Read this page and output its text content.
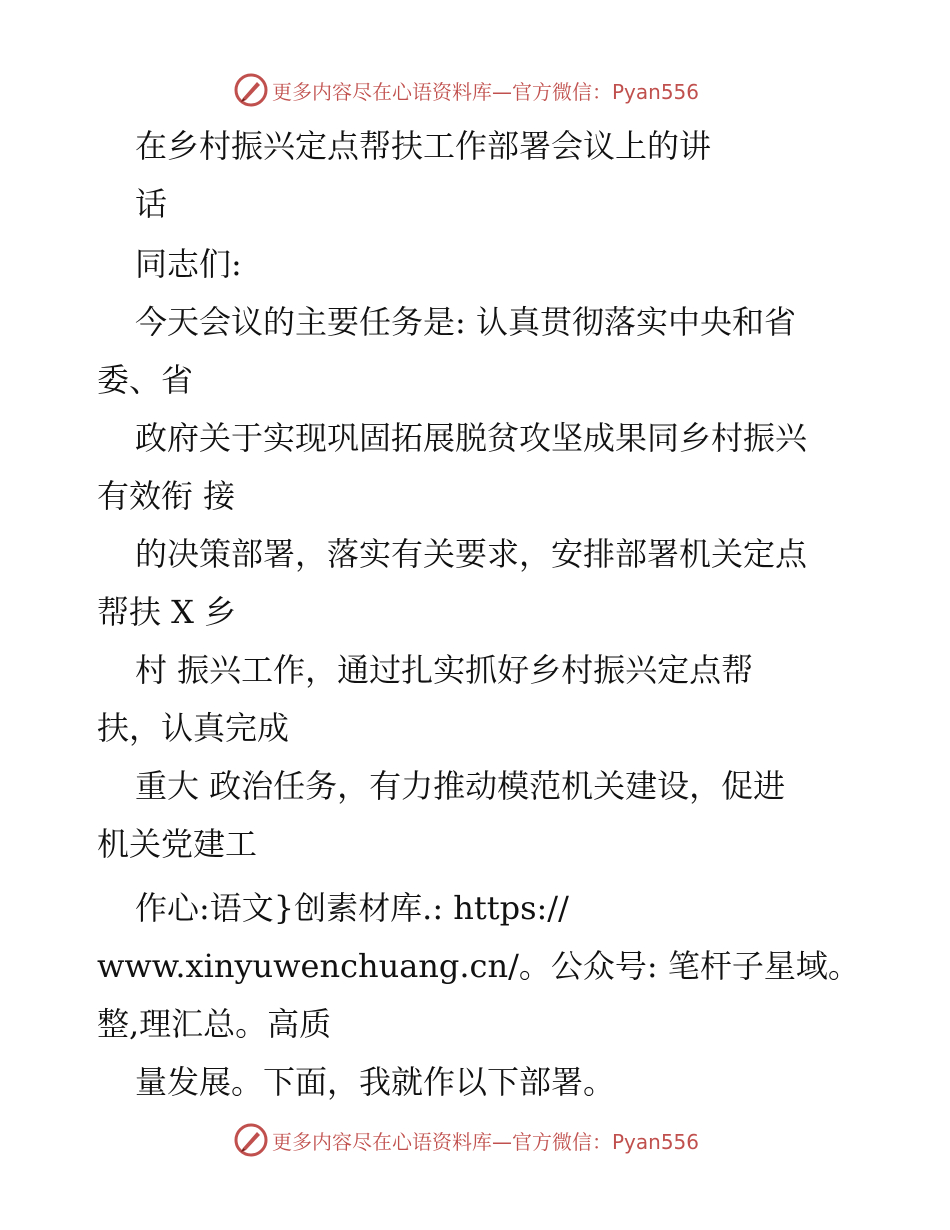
更多内容尽在心语资料库—官方微信：Pyan556
在乡村振兴定点帮扶工作部署会议上的讲
话
同志们:
今天会议的主要任务是: 认真贯彻落实中央和省
委、省
政府关于实现巩固拓展脱贫攻坚成果同乡村振兴
有效衔 接
的决策部署，落实有关要求，安排部署机关定点
帮扶 X 乡
村 振兴工作，通过扎实抓好乡村振兴定点帮
扶，认真完成
重大 政治任务，有力推动模范机关建设，促进
机关党建工
作心:语文}创素材库.: https://
www.xinyuwenchuang.cn/。公众号: 笔杆子星域。
整,理汇总。高质
量发展。下面，我就作以下部署。
更多内容尽在心语资料库—官方微信：Pyan556
